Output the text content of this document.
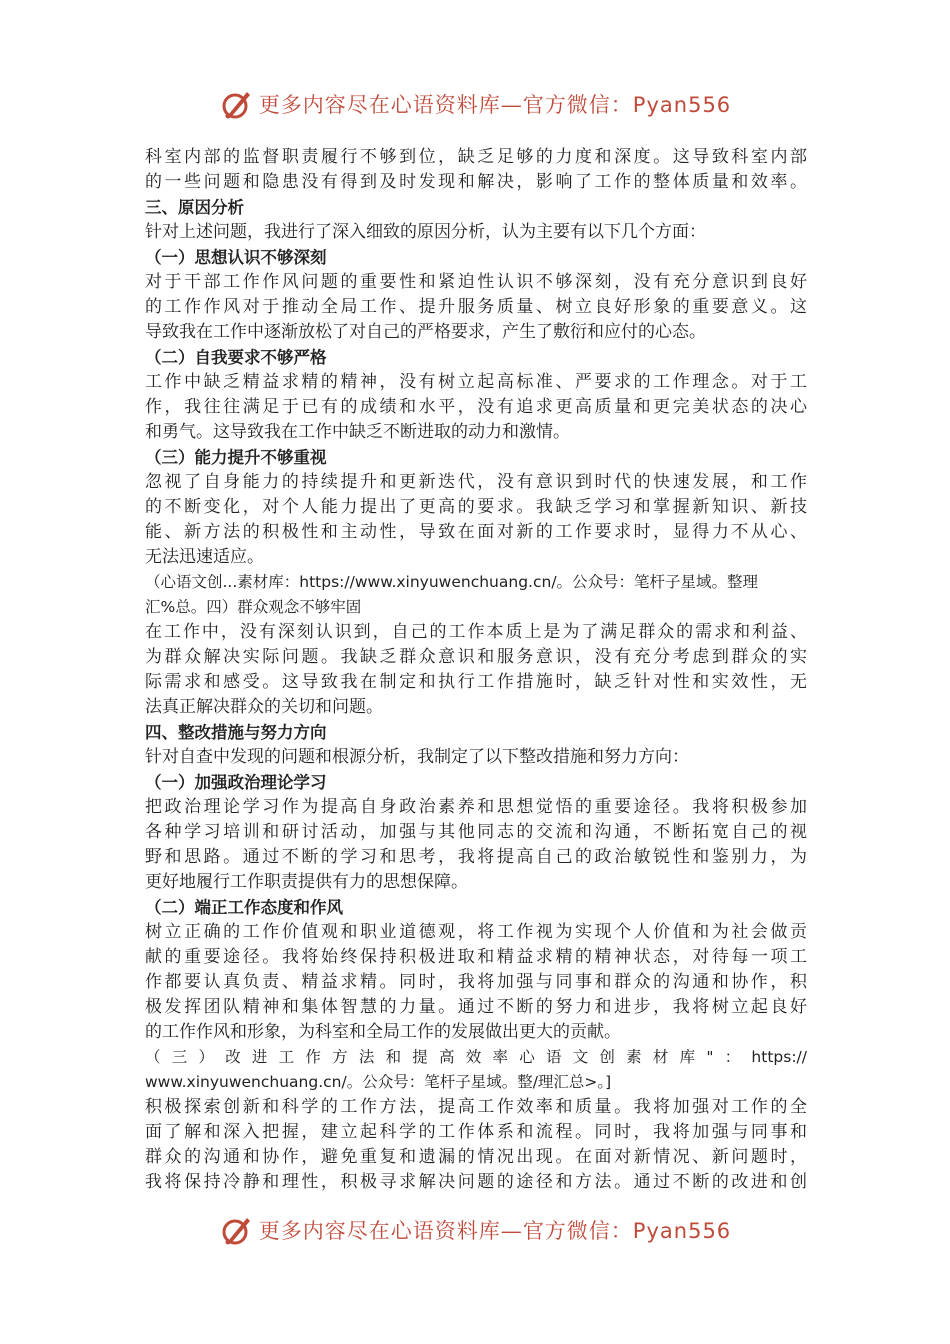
更多内容尽在心语资料库—官方微信：Pyan556
科室内部的监督职责履行不够到位，缺乏足够的力度和深度。这导致科室内部
的一些问题和隐患没有得到及时发现和解决，影响了工作的整体质量和效率。
三、原因分析
针对上述问题，我进行了深入细致的原因分析，认为主要有以下几个方面：
（一）思想认识不够深刻
对于干部工作作风问题的重要性和紧迫性认识不够深刻，没有充分意识到良好
的工作作风对于推动全局工作、提升服务质量、树立良好形象的重要意义。这
导致我在工作中逐渐放松了对自己的严格要求，产生了敷衍和应付的心态。
（二）自我要求不够严格
工作中缺乏精益求精的精神，没有树立起高标准、严要求的工作理念。对于工
作，我往往满足于已有的成绩和水平，没有追求更高质量和更完美状态的决心
和勇气。这导致我在工作中缺乏不断进取的动力和激情。
（三）能力提升不够重视
忽视了自身能力的持续提升和更新迭代，没有意识到时代的快速发展，和工作
的不断变化，对个人能力提出了更高的要求。我缺乏学习和掌握新知识、新技
能、新方法的积极性和主动性，导致在面对新的工作要求时，显得力不从心、
无法迅速适应。
（心语文创...素材库：https://www.xinyuwenchuang.cn/。公众号：笔杆子星域。整理
汇%总。四）群众观念不够牢固
在工作中，没有深刻认识到，自己的工作本质上是为了满足群众的需求和利益、
为群众解决实际问题。我缺乏群众意识和服务意识，没有充分考虑到群众的实
际需求和感受。这导致我在制定和执行工作措施时，缺乏针对性和实效性，无
法真正解决群众的关切和问题。
四、整改措施与努力方向
针对自查中发现的问题和根源分析，我制定了以下整改措施和努力方向：
（一）加强政治理论学习
把政治理论学习作为提高自身政治素养和思想觉悟的重要途径。我将积极参加
各种学习培训和研讨活动，加强与其他同志的交流和沟通，不断拓宽自己的视
野和思路。通过不断的学习和思考，我将提高自己的政治敏锐性和鉴别力，为
更好地履行工作职责提供有力的思想保障。
（二）端正工作态度和作风
树立正确的工作价值观和职业道德观，将工作视为实现个人价值和为社会做贡
献的重要途径。我将始终保持积极进取和精益求精的精神状态，对待每一项工
作都要认真负责、精益求精。同时，我将加强与同事和群众的沟通和协作，积
极发挥团队精神和集体智慧的力量。通过不断的努力和进步，我将树立起良好
的工作作风和形象，为科室和全局工作的发展做出更大的贡献。
（三）改进工作方法和提高效率心语文创素材库"：https://
www.xinyuwenchuang.cn/。公众号：笔杆子星域。整/理汇总>。]
积极探索创新和科学的工作方法，提高工作效率和质量。我将加强对工作的全
面了解和深入把握，建立起科学的工作体系和流程。同时，我将加强与同事和
群众的沟通和协作，避免重复和遗漏的情况出现。在面对新情况、新问题时，
我将保持冷静和理性，积极寻求解决问题的途径和方法。通过不断的改进和创
更多内容尽在心语资料库—官方微信：Pyan556
